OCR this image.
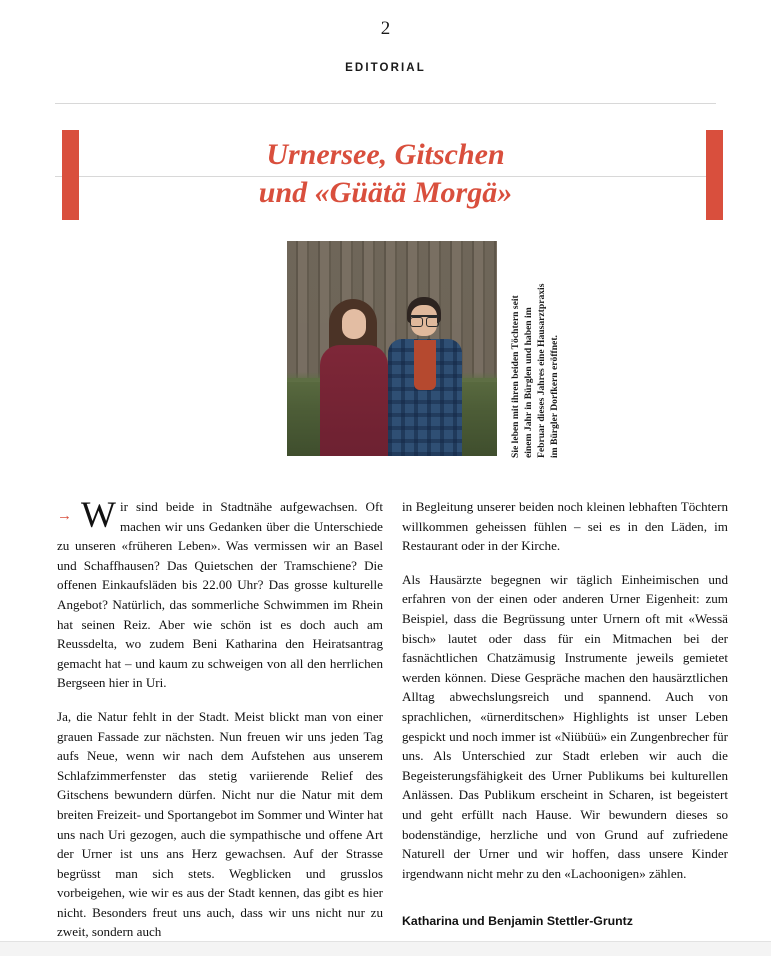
2
EDITORIAL
Urnersee, Gitschen
und «Güätä Morgä»
Sie leben mit ihren beiden Töchtern seit einem Jahr in Bürglen und haben im Februar dieses Jahres eine Hausarztpraxis im Bürgler Dorfkern eröffnet.
→ Wir sind beide in Stadtnähe aufgewachsen. Oft machen wir uns Gedanken über die Unterschiede zu unseren «früheren Leben». Was vermissen wir an Basel und Schaffhausen? Das Quietschen der Tramschiene? Die offenen Einkaufsläden bis 22.00 Uhr? Das grosse kulturelle Angebot? Natürlich, das sommerliche Schwimmen im Rhein hat seinen Reiz. Aber wie schön ist es doch auch am Reussdelta, wo zudem Beni Katharina den Heiratsantrag gemacht hat – und kaum zu schweigen von all den herrlichen Bergseen hier in Uri.

Ja, die Natur fehlt in der Stadt. Meist blickt man von einer grauen Fassade zur nächsten. Nun freuen wir uns jeden Tag aufs Neue, wenn wir nach dem Aufstehen aus unserem Schlafzimmerfenster das stetig variierende Relief des Gitschens bewundern dürfen. Nicht nur die Natur mit dem breiten Freizeit- und Sportangebot im Sommer und Winter hat uns nach Uri gezogen, auch die sympathische und offene Art der Urner ist uns ans Herz gewachsen. Auf der Strasse begrüsst man sich stets. Wegblicken und grusslos vorbeigehen, wie wir es aus der Stadt kennen, das gibt es hier nicht. Besonders freut uns auch, dass wir uns nicht nur zu zweit, sondern auch

in Begleitung unserer beiden noch kleinen lebhaften Töchtern willkommen geheissen fühlen – sei es in den Läden, im Restaurant oder in der Kirche.

Als Hausärzte begegnen wir täglich Einheimischen und erfahren von der einen oder anderen Urner Eigenheit: zum Beispiel, dass die Begrüssung unter Urnern oft mit «Wessä bisch» lautet oder dass für ein Mitmachen bei der fasnächtlichen Chatzämusig Instrumente jeweils gemietet werden können. Diese Gespräche machen den hausärztlichen Alltag abwechslungsreich und spannend. Auch von sprachlichen, «ürnerditschen» Highlights ist unser Leben gespickt und noch immer ist «Niübüü» ein Zungenbrecher für uns. Als Unterschied zur Stadt erleben wir auch die Begeisterungsfähigkeit des Urner Publikums bei kulturellen Anlässen. Das Publikum erscheint in Scharen, ist begeistert und geht erfüllt nach Hause. Wir bewundern dieses so bodenständige, herzliche und von Grund auf zufriedene Naturell der Urner und wir hoffen, dass unsere Kinder irgendwann nicht mehr zu den «Lachoonigen» zählen.

Katharina und Benjamin Stettler-Gruntz
